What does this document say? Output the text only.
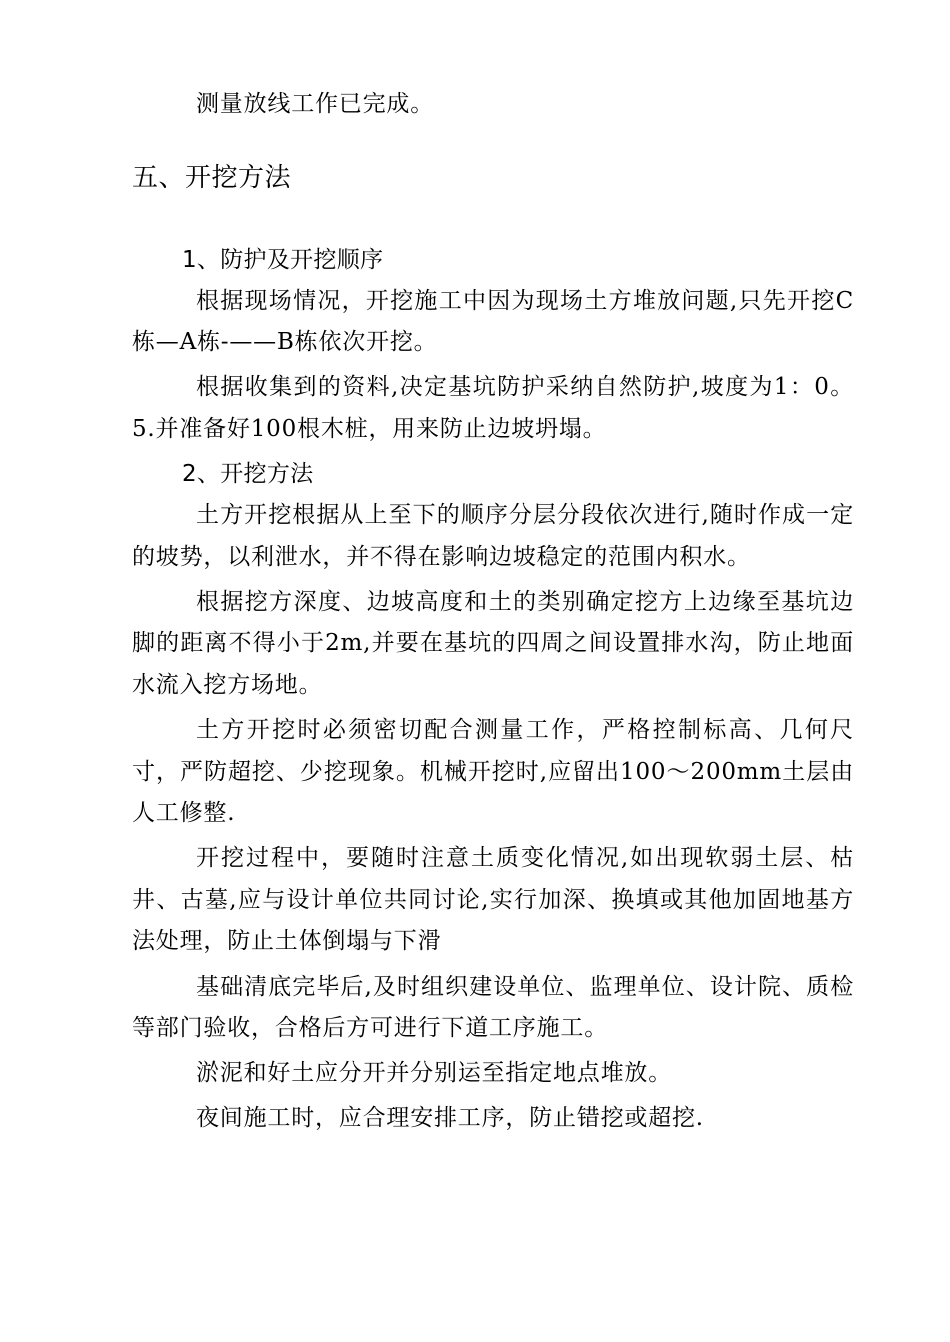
测量放线工作已完成。

五、开挖方法
1、防护及开挖顺序

根据现场情况，开挖施工中因为现场土方堆放问题,只先开挖C栋—A栋-——B栋依次开挖。

根据收集到的资料,决定基坑防护采纳自然防护,坡度为1：0。5.并准备好100根木桩，用来防止边坡坍塌。

2、开挖方法

土方开挖根据从上至下的顺序分层分段依次进行,随时作成一定的坡势，以利泄水，并不得在影响边坡稳定的范围内积水。

根据挖方深度、边坡高度和土的类别确定挖方上边缘至基坑边脚的距离不得小于2m,并要在基坑的四周之间设置排水沟，防止地面水流入挖方场地。

土方开挖时必须密切配合测量工作，严格控制标高、几何尺寸，严防超挖、少挖现象。机械开挖时,应留出100～200mm土层由人工修整.

开挖过程中，要随时注意土质变化情况,如出现软弱土层、枯井、古墓,应与设计单位共同讨论,实行加深、换填或其他加固地基方法处理，防止土体倒塌与下滑

基础清底完毕后,及时组织建设单位、监理单位、设计院、质检等部门验收，合格后方可进行下道工序施工。

淤泥和好土应分开并分别运至指定地点堆放。

夜间施工时，应合理安排工序，防止错挖或超挖.
